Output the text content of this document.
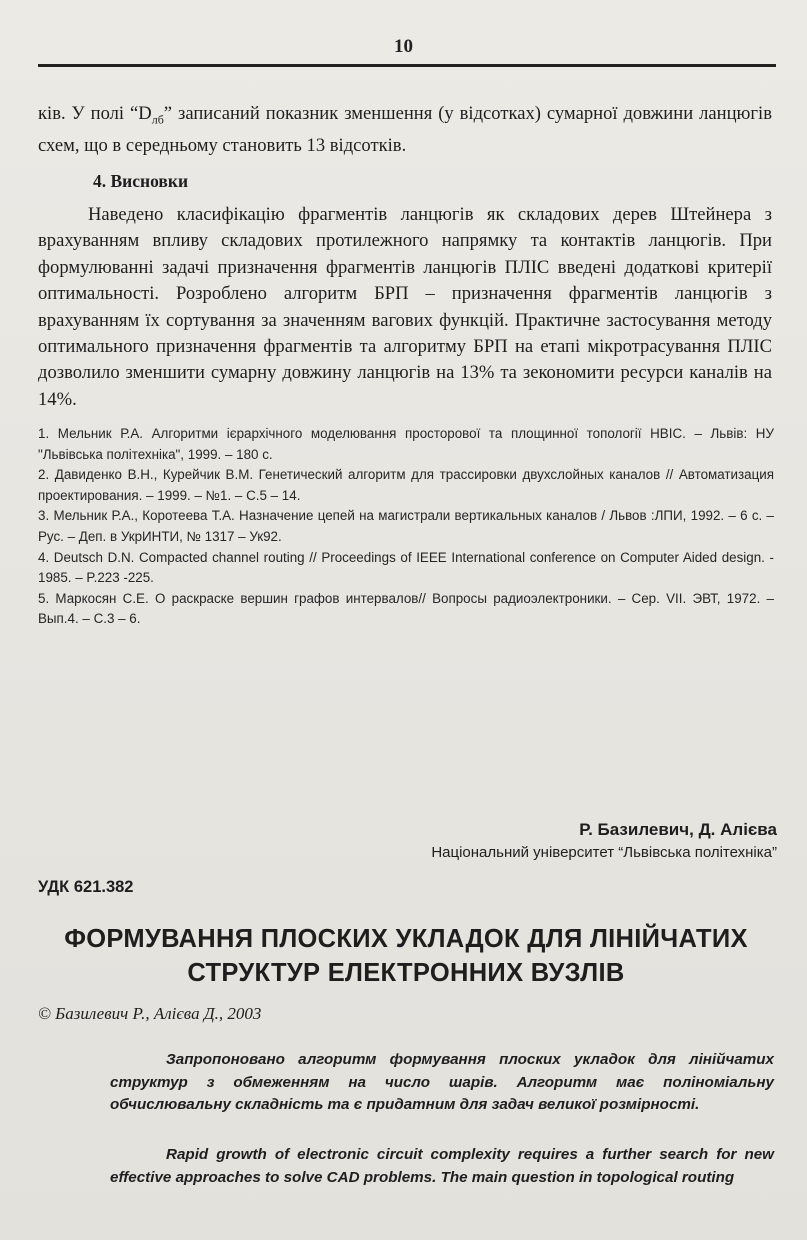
10
ків. У полі “$D_{лб}$” записаний показник зменшення (у відсотках) сумарної довжини ланцюгів схем, що в середньому становить 13 відсотків.
4. Висновки
Наведено класифікацію фрагментів ланцюгів як складових дерев Штейнера з врахуванням впливу складових протилежного напрямку та контактів ланцюгів. При формулюванні задачі призначення фрагментів ланцюгів ПЛІС введені додаткові критерії оптимальності. Розроблено алгоритм БРП – призначення фрагментів ланцюгів з врахуванням їх сортування за значенням вагових функцій. Практичне застосування методу оптимального призначення фрагментів та алгоритму БРП на етапі мікротрасування ПЛІС дозволило зменшити сумарну довжину ланцюгів на 13% та зекономити ресурси каналів на 14%.
1. Мельник Р.А. Алгоритми ієрархічного моделювання просторової та площинної топології НВІС. – Львів: НУ "Львівська політехніка", 1999. – 180 с.
2. Давиденко В.Н., Курейчик В.М. Генетический алгоритм для трассировки двухслойных каналов // Автоматизация проектирования. – 1999. – №1. – С.5 – 14.
3. Мельник Р.А., Коротеева Т.А. Назначение цепей на магистрали вертикальных каналов / Львов :ЛПИ, 1992. – 6 с. – Рус. – Деп. в УкрИНТИ, № 1317 – Ук92.
4. Deutsch D.N. Compacted channel routing // Proceedings of IEEE International conference on Computer Aided design. - 1985. – P.223 -225.
5. Маркосян С.Е. О раскраске вершин графов интервалов// Вопросы радиоэлектроники. – Сер. VII. ЭВТ, 1972. – Вып.4. – С.3 – 6.
Р. Базилевич, Д. Алієва
Національний університет “Львівська політехніка”
УДК 621.382
ФОРМУВАННЯ ПЛОСКИХ УКЛАДОК ДЛЯ ЛІНІЙЧАТИХ
СТРУКТУР ЕЛЕКТРОННИХ ВУЗЛІВ
© Базилевич Р., Алієва Д., 2003
Запропоновано алгоритм формування плоских укладок для лінійчатих структур з обмеженням на число шарів. Алгоритм має поліноміальну обчислювальну складність та є придатним для задач великої розмірності.
Rapid growth of electronic circuit complexity requires a further search for new effective approaches to solve CAD problems. The main question in topological routing
